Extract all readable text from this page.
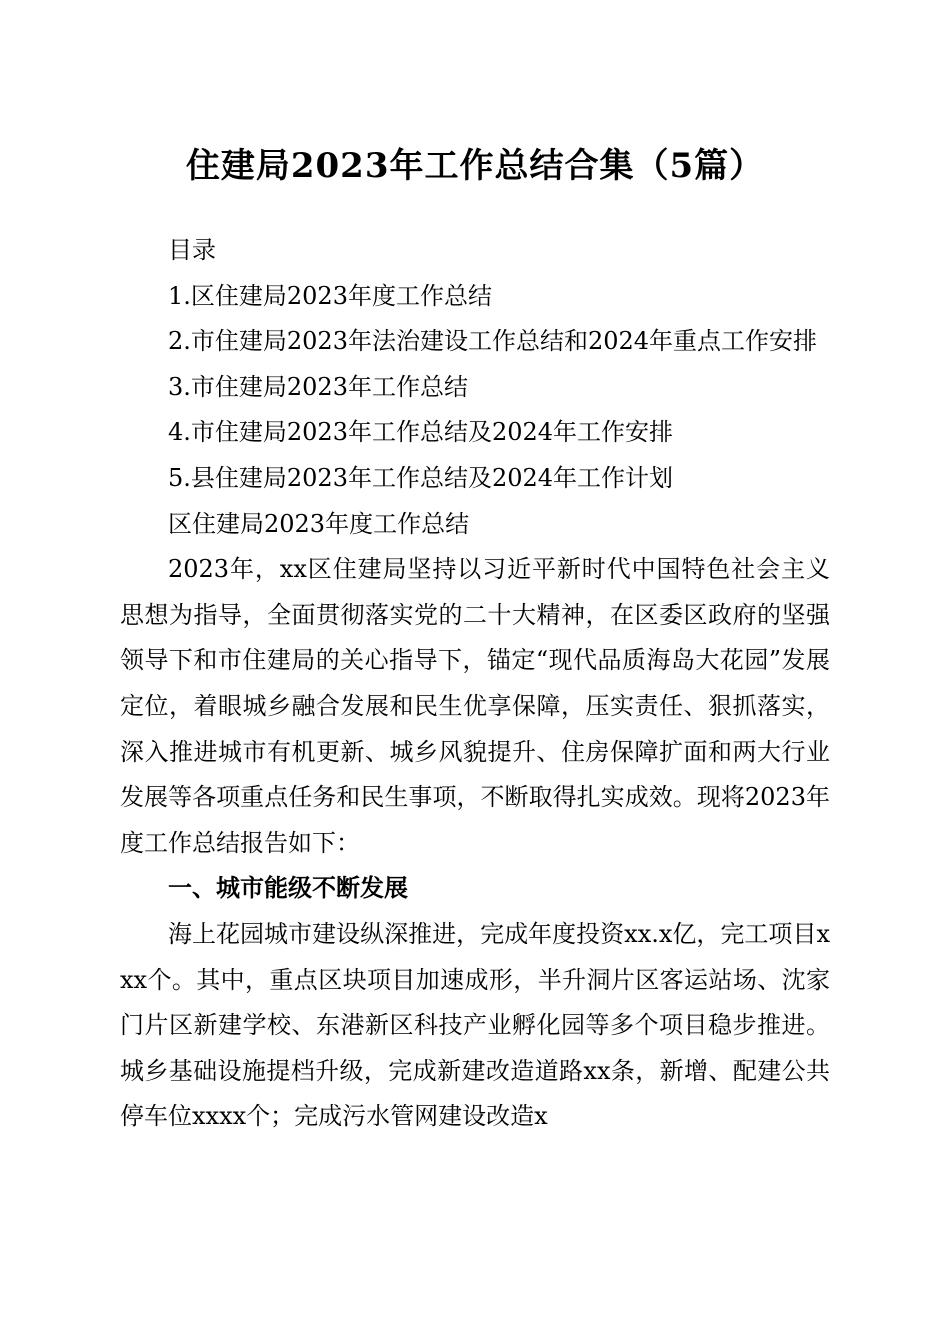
住建局2023年工作总结合集（5篇）

目录

1.区住建局2023年度工作总结

2.市住建局2023年法治建设工作总结和2024年重点工作安排

3.市住建局2023年工作总结

4.市住建局2023年工作总结及2024年工作安排

5.县住建局2023年工作总结及2024年工作计划

区住建局2023年度工作总结

2023年，xx区住建局坚持以习近平新时代中国特色社会主义思想为指导，全面贯彻落实党的二十大精神，在区委区政府的坚强领导下和市住建局的关心指导下，锚定“现代品质海岛大花园”发展定位，着眼城乡融合发展和民生优享保障，压实责任、狠抓落实，深入推进城市有机更新、城乡风貌提升、住房保障扩面和两大行业发展等各项重点任务和民生事项，不断取得扎实成效。现将2023年度工作总结报告如下：

一、城市能级不断发展

海上花园城市建设纵深推进，完成年度投资xx.x亿，完工项目xxx个。其中，重点区块项目加速成形，半升洞片区客运站场、沈家门片区新建学校、东港新区科技产业孵化园等多个项目稳步推进。城乡基础设施提档升级，完成新建改造道路xx条，新增、配建公共停车位xxxx个；完成污水管网建设改造x
